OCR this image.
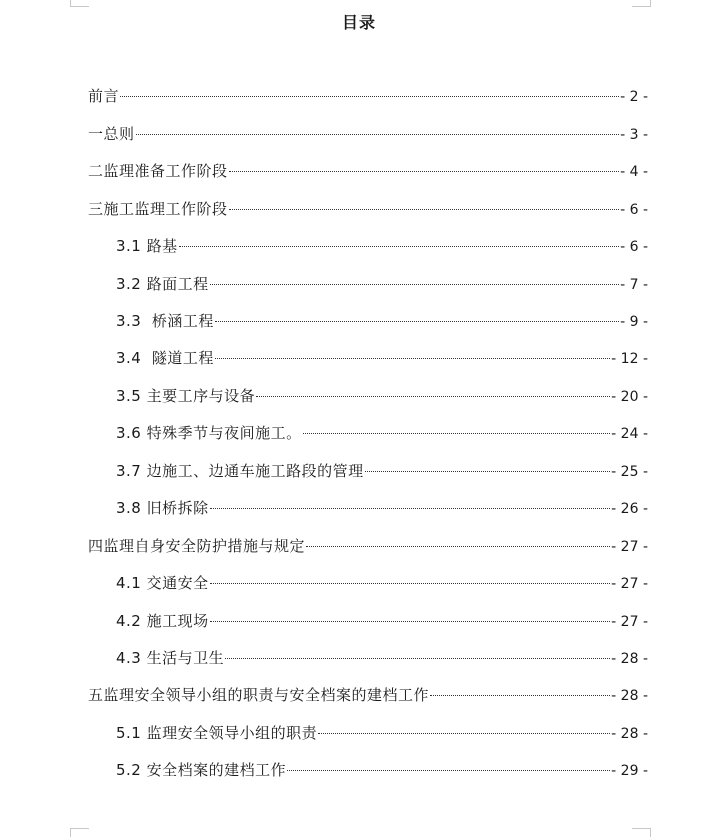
目录
前言	- 2 -
一总则	- 3 -
二监理准备工作阶段	- 4 -
三施工监理工作阶段	- 6 -
3.1 路基	- 6 -
3.2 路面工程	- 7 -
3.3  桥涵工程	- 9 -
3.4  隧道工程	- 12 -
3.5 主要工序与设备	- 20 -
3.6 特殊季节与夜间施工。	- 24 -
3.7 边施工、边通车施工路段的管理	- 25 -
3.8 旧桥拆除	- 26 -
四监理自身安全防护措施与规定	- 27 -
4.1 交通安全	- 27 -
4.2 施工现场	- 27 -
4.3 生活与卫生	- 28 -
五监理安全领导小组的职责与安全档案的建档工作	- 28 -
5.1 监理安全领导小组的职责	- 28 -
5.2 安全档案的建档工作	- 29 -
